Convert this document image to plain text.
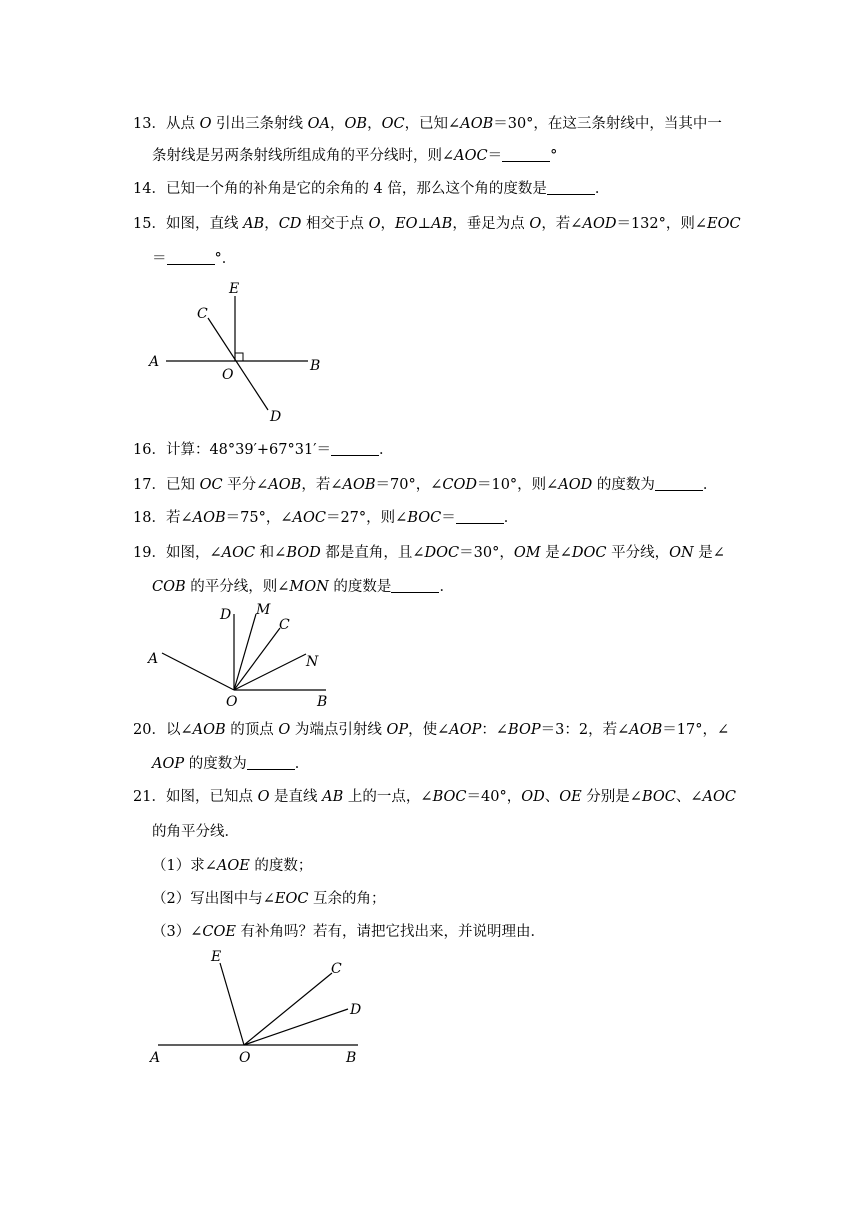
13．从点 O 引出三条射线 OA，OB，OC，已知∠AOB＝30°，在这三条射线中，当其中一
条射线是另两条射线所组成角的平分线时，则∠AOC＝	°
14．已知一个角的补角是它的余角的 4 倍，那么这个角的度数是	．
15．如图，直线 AB，CD 相交于点 O，EO⊥AB，垂足为点 O，若∠AOD＝132°，则∠EOC
＝	°．
A	B
C
D
E
O
16．计算：48°39′+67°31′＝	．
17．已知 OC 平分∠AOB，若∠AOB＝70°，∠COD＝10°，则∠AOD 的度数为	．
18．若∠AOB＝75°，∠AOC＝27°，则∠BOC＝	．
19．如图，∠AOC 和∠BOD 都是直角，且∠DOC＝30°，OM 是∠DOC 平分线，ON 是∠
COB 的平分线，则∠MON 的度数是	．
A
B
C
D M
N
O
20．以∠AOB 的顶点 O 为端点引射线 OP，使∠AOP：∠BOP＝3：2，若∠AOB＝17°，∠
AOP 的度数为	．
21．如图，已知点 O 是直线 AB 上的一点，∠BOC＝40°，OD、OE 分别是∠BOC、∠AOC
的角平分线．
（1）求∠AOE 的度数；
（2）写出图中与∠EOC 互余的角；
（3）∠COE 有补角吗？若有，请把它找出来，并说明理由．
A	B
C
D
E
O
